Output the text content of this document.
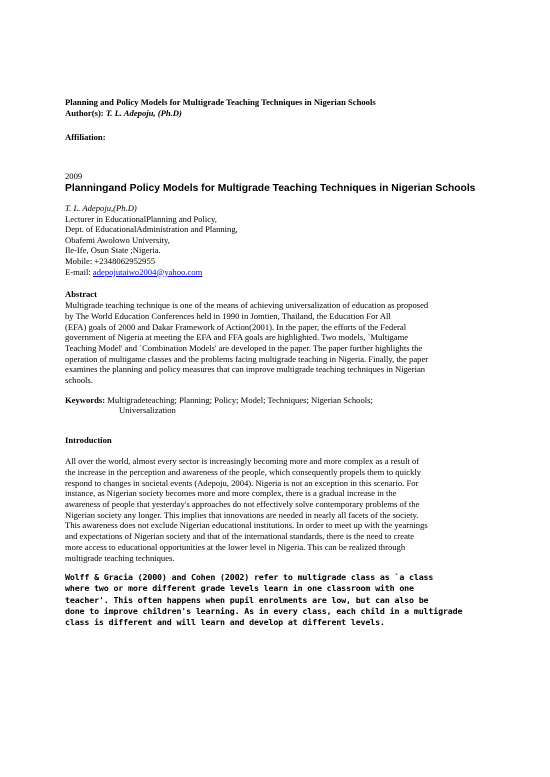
Planning and Policy Models for Multigrade Teaching Techniques in Nigerian Schools
Author(s): T. L. Adepoju, (Ph.D)
Affiliation:
2009
Planningand Policy Models for Multigrade Teaching Techniques in Nigerian Schools
T. L. Adepoju,(Ph.D)
Lecturer in EducationalPlanning and Policy,
Dept. of EducationalAdministration and Planning,
Obafemi Awolowo University,
Ile-Ife, Osun State ;Nigeria.
Mobile: +2348062952955
E-mail: adepojutaiwo2004@yahoo.com
Abstract
Multigrade teaching technique is one of the means of achieving universalization of education as proposed
by The World Education Conferences held in 1990 in Jomtien, Thailand, the Education For All
(EFA) goals of 2000 and Dakar Framework of Action(2001). In the paper, the efforts of the Federal
government of Nigeria at meeting the EFA and FFA goals are highlighted. Two models, `Multigame
Teaching Model' and `Combination Models' are developed in the paper. The paper further highlights the
operation of multigame classes and the problems facing multigrade teaching in Nigeria. Finally, the paper
examines the planning and policy measures that can improve multigrade teaching techniques in Nigerian
schools.
Keywords: Multigradeteaching; Planning; Policy; Model; Techniques; Nigerian Schools;
Universalization
Introduction
All over the world, almost every sector is increasingly becoming more and more complex as a result of
the increase in the perception and awareness of the people, which consequently propels them to quickly
respond to changes in societal events (Adepoju, 2004). Nigeria is not an exception in this scenario. For
instance, as Nigerian society becomes more and more complex, there is a gradual increase in the
awareness of people that yesterday's approaches do not effectively solve contemporary problems of the
Nigerian society any longer. This implies that innovations are needed in nearly all facets of the society.
This awareness does not exclude Nigerian educational institutions. In order to meet up with the yearnings
and expectations of Nigerian society and that of the international standards, there is the need to create
more access to educational opportunities at the lower level in Nigeria. This can be realized through
multigrade teaching techniques.
Wolff & Gracia (2000) and Cohen (2002) refer to multigrade class as `a class
where two or more different grade levels learn in one classroom with one
teacher'. This often happens when pupil enrolments are low, but can also be
done to improve children's learning. As in every class, each child in a multigrade
class is different and will learn and develop at different levels.
